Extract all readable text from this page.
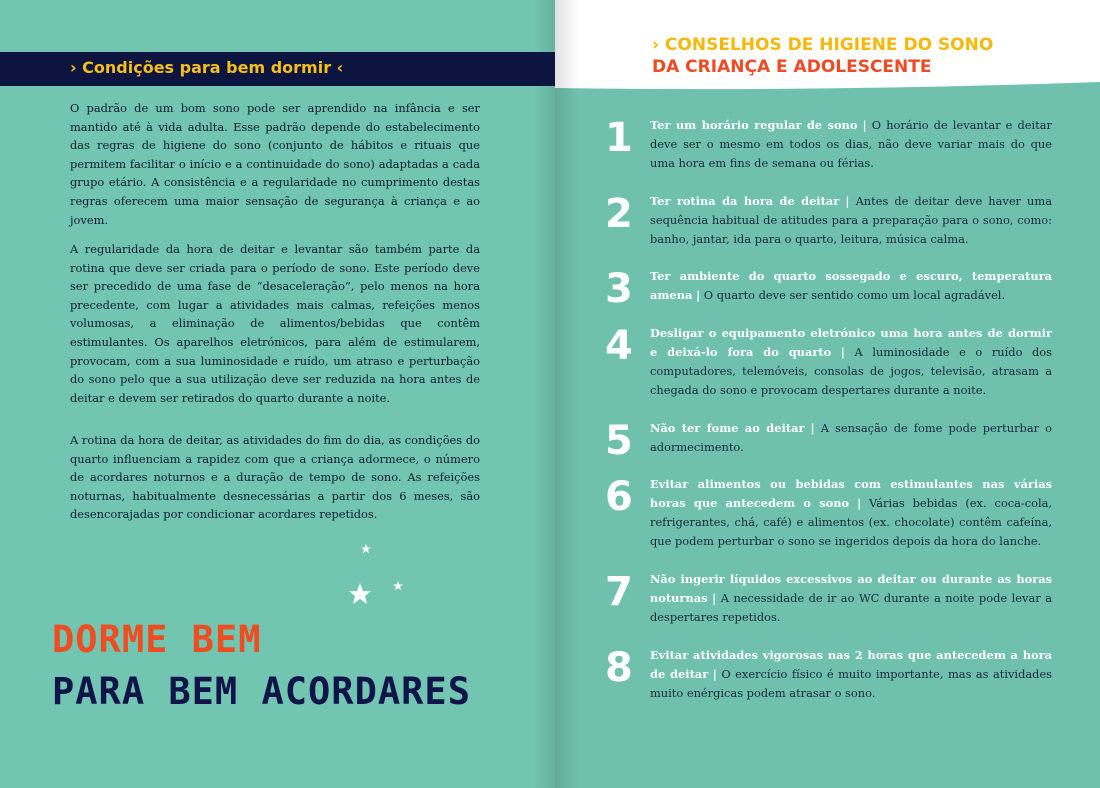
› Condições para bem dormir ‹

O padrão de um bom sono pode ser aprendido na infância e ser mantido até à vida adulta. Esse padrão depende do estabelecimento das regras de higiene do sono (conjunto de hábitos e rituais que permitem facilitar o início e a continuidade do sono) adaptadas a cada grupo etário. A consistência e a regularidade no cumprimento destas regras oferecem uma maior sensação de segurança à criança e ao jovem.

A regularidade da hora de deitar e levantar são também parte da rotina que deve ser criada para o período de sono. Este período deve ser precedido de uma fase de “desaceleração”, pelo menos na hora precedente, com lugar a atividades mais calmas, refeições menos volumosas, a eliminação de alimentos/bebidas que contêm estimulantes. Os aparelhos eletrónicos, para além de estimularem, provocam, com a sua luminosidade e ruído, um atraso e perturbação do sono pelo que a sua utilização deve ser reduzida na hora antes de deitar e devem ser retirados do quarto durante a noite.

A rotina da hora de deitar, as atividades do fim do dia, as condições do quarto influenciam a rapidez com que a criança adormece, o número de acordares noturnos e a duração de tempo de sono. As refeições noturnas, habitualmente desnecessárias a partir dos 6 meses, são desencorajadas por condicionar acordares repetidos.

DORME BEM
PARA BEM ACORDARES
› CONSELHOS DE HIGIENE DO SONO
DA CRIANÇA E ADOLESCENTE
1	Ter um horário regular de sono | O horário de levantar e deitar deve ser o mesmo em todos os dias, não deve variar mais do que uma hora em fins de semana ou férias.

2	Ter rotina da hora de deitar | Antes de deitar deve haver uma sequência habitual de atitudes para a preparação para o sono, como: banho, jantar, ida para o quarto, leitura, música calma.

3	Ter ambiente do quarto sossegado e escuro, temperatura amena | O quarto deve ser sentido como um local agradável.

4	Desligar o equipamento eletrónico uma hora antes de dormir e deixá-lo fora do quarto | A luminosidade e o ruído dos computadores, telemóveis, consolas de jogos, televisão, atrasam a chegada do sono e provocam despertares durante a noite.

5	Não ter fome ao deitar | A sensação de fome pode perturbar o adormecimento.

6	Evitar alimentos ou bebidas com estimulantes nas várias horas que antecedem o sono | Várias bebidas (ex. coca-cola, refrigerantes, chá, café) e alimentos (ex. chocolate) contêm cafeína, que podem perturbar o sono se ingeridos depois da hora do lanche.

7	Não ingerir líquidos excessivos ao deitar ou durante as horas noturnas | A necessidade de ir ao WC durante a noite pode levar a despertares repetidos.

8	Evitar atividades vigorosas nas 2 horas que antecedem a hora de deitar | O exercício físico é muito importante, mas as atividades muito enérgicas podem atrasar o sono.
